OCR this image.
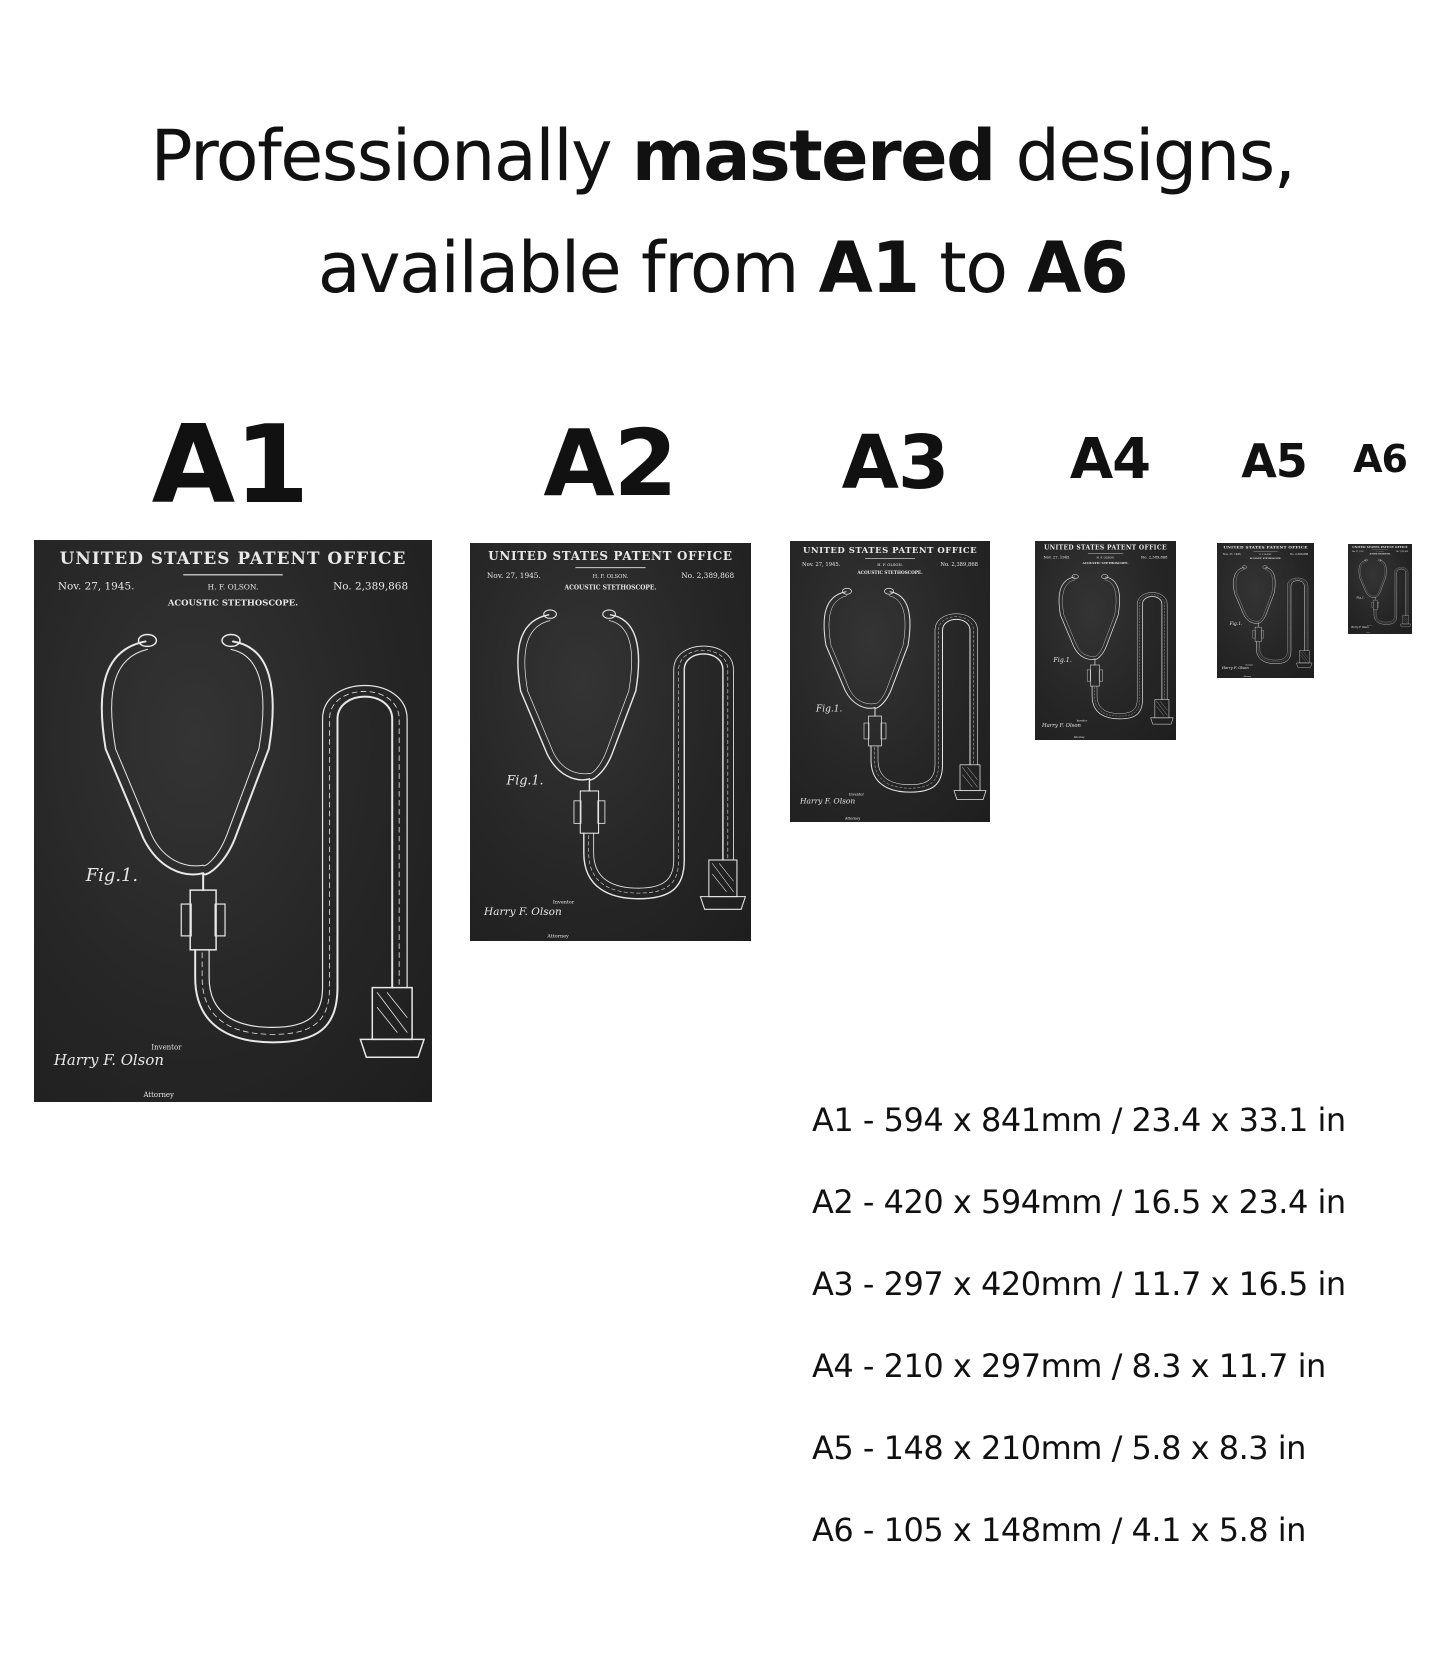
Professionally mastered designs,
available from A1 to A6
A1	A2	A3	A4	A5	A6
UNITED STATES PATENT OFFICE
Nov. 27, 1945.	H. F. OLSON.	No. 2,389,868
ACOUSTIC STETHOSCOPE.
Fig.1.
Inventor
Harry F. Olson
Attorney
UNITED STATES PATENT OFFICE
Nov. 27, 1945.	H. F. OLSON.	No. 2,389,868
ACOUSTIC STETHOSCOPE.
Fig.1.
Inventor
Harry F. Olson
Attorney
UNITED STATES PATENT OFFICE
Nov. 27, 1945.	H. F. OLSON.	No. 2,389,868
ACOUSTIC STETHOSCOPE.
Fig.1.
Inventor
Harry F. Olson
Attorney
UNITED STATES PATENT OFFICE
Nov. 27, 1945.	H. F. OLSON.	No. 2,389,868
ACOUSTIC STETHOSCOPE.
Fig.1.
Inventor
Harry F. Olson
Attorney
UNITED STATES PATENT OFFICE
Nov. 27, 1945. H. F. OLSON. No. 2,389,868
ACOUSTIC STETHOSCOPE.
Fig.1.
Inventor
Harry F. Olson
Attorney
UNITED STATES PATENT OFFICE
Nov. 27, 1945. H. F. OLSON. No. 2,389,868
ACOUSTIC STETHOSCOPE.
Fig.1.
Inventor
Harry F. Olson
Attorney
A1 - 594 x 841mm / 23.4 x 33.1 in
A2 - 420 x 594mm / 16.5 x 23.4 in
A3 - 297 x 420mm / 11.7 x 16.5 in
A4 - 210 x 297mm / 8.3 x 11.7 in
A5 - 148 x 210mm / 5.8 x 8.3 in
A6 - 105 x 148mm / 4.1 x 5.8 in
